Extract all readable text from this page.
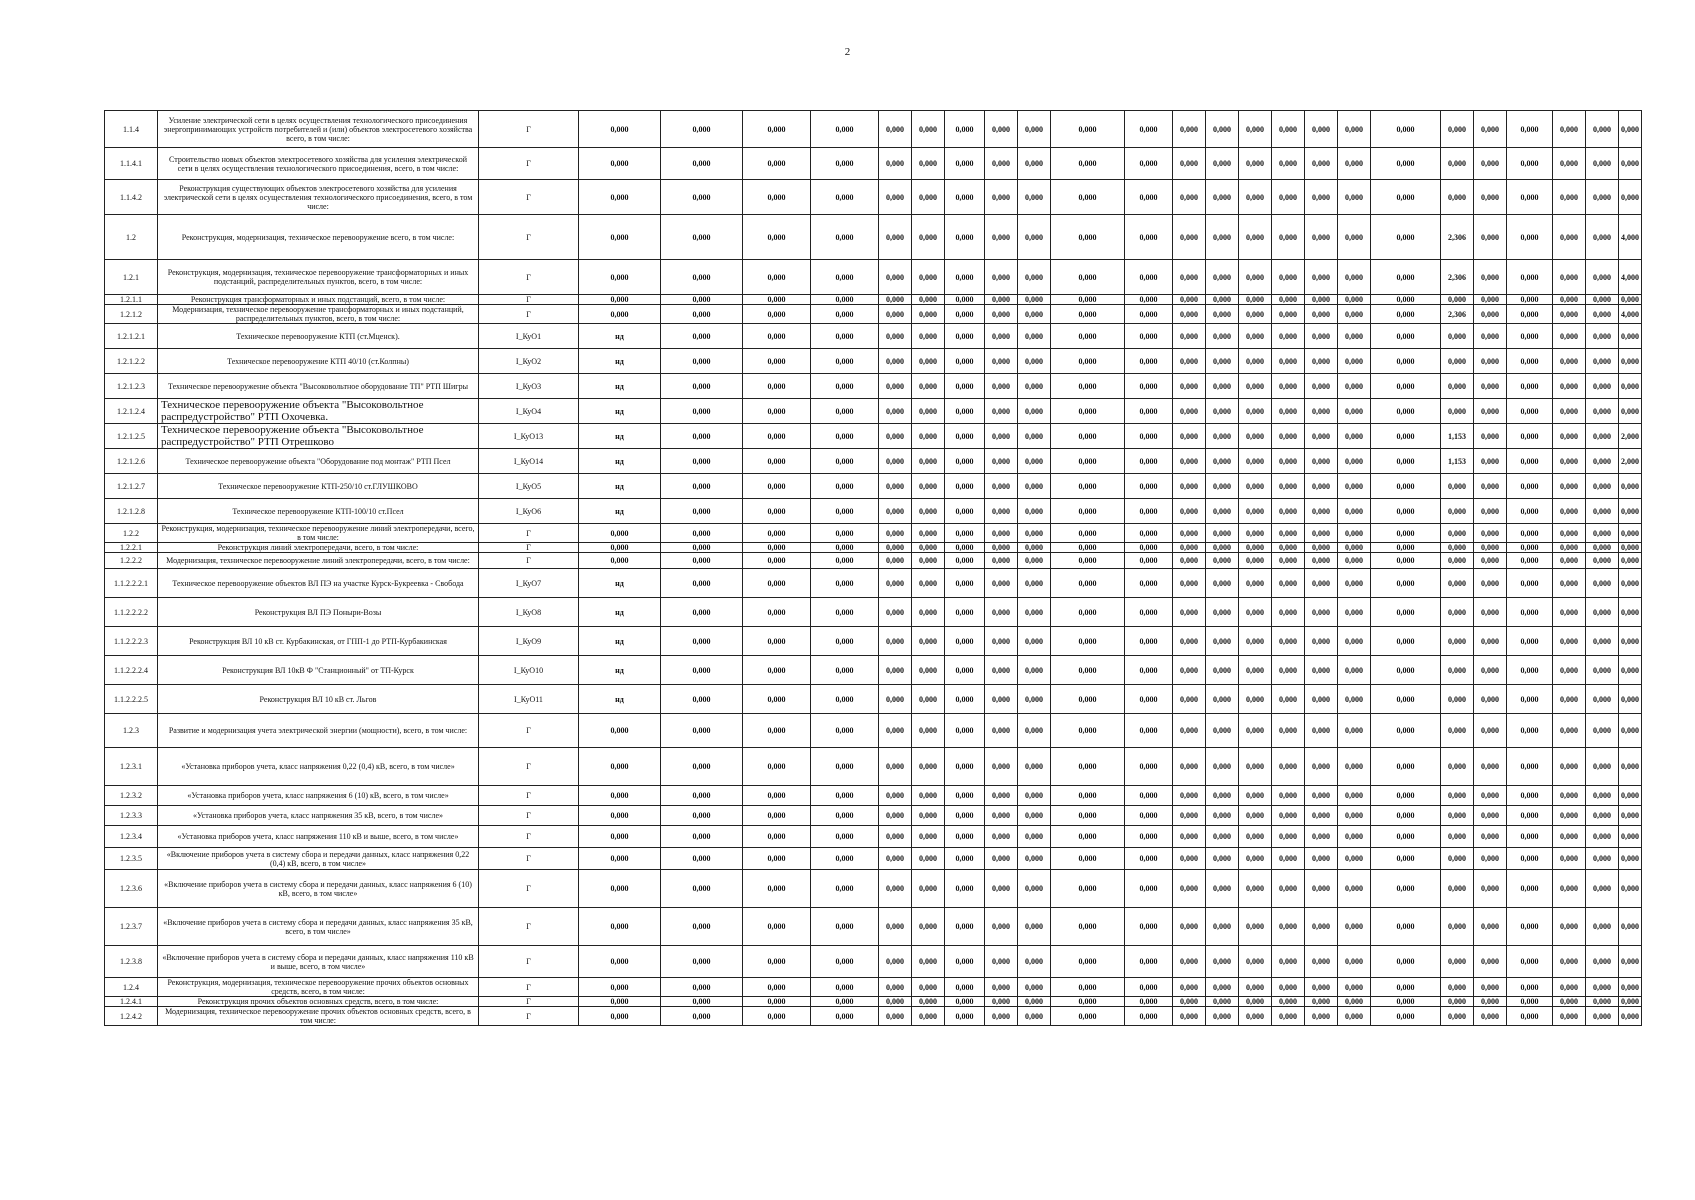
2
1.1.4	Усиление электрической сети в целях осуществления технологического присоединения энергопринимающих устройств потребителей и (или) объектов электросетевого хозяйства всего, в том числе:	Г	0,000	0,000	0,000	0,000	0,000	0,000	0,000	0,000	0,000	0,000	0,000	0,000	0,000	0,000	0,000	0,000	0,000	0,000	0,000	0,000	0,000	0,000	0,000	0,000
1.1.4.1	Строительство новых объектов электросетевого хозяйства для усиления электрической сети в целях осуществления технологического присоединения, всего, в том числе:	Г	0,000	0,000	0,000	0,000	0,000	0,000	0,000	0,000	0,000	0,000	0,000	0,000	0,000	0,000	0,000	0,000	0,000	0,000	0,000	0,000	0,000	0,000	0,000	0,000
1.1.4.2	Реконструкция существующих объектов электросетевого хозяйства для усиления электрической сети в целях осуществления технологического присоединения, всего, в том числе:	Г	0,000	0,000	0,000	0,000	0,000	0,000	0,000	0,000	0,000	0,000	0,000	0,000	0,000	0,000	0,000	0,000	0,000	0,000	0,000	0,000	0,000	0,000	0,000	0,000
1.2	Реконструкция, модернизация, техническое перевооружение всего, в том числе:	Г	0,000	0,000	0,000	0,000	0,000	0,000	0,000	0,000	0,000	0,000	0,000	0,000	0,000	0,000	0,000	0,000	0,000	0,000	2,306	0,000	0,000	0,000	0,000	4,000
1.2.1	Реконструкция, модернизация, техническое перевооружение трансформаторных и иных подстанций, распределительных пунктов, всего, в том числе:	Г	0,000	0,000	0,000	0,000	0,000	0,000	0,000	0,000	0,000	0,000	0,000	0,000	0,000	0,000	0,000	0,000	0,000	0,000	2,306	0,000	0,000	0,000	0,000	4,000
1.2.1.1	Реконструкция трансформаторных и иных подстанций, всего, в том числе:	Г	0,000	0,000	0,000	0,000	0,000	0,000	0,000	0,000	0,000	0,000	0,000	0,000	0,000	0,000	0,000	0,000	0,000	0,000	0,000	0,000	0,000	0,000	0,000	0,000
1.2.1.2	Модернизация, техническое перевооружение трансформаторных и иных подстанций, распределительных пунктов, всего, в том числе:	Г	0,000	0,000	0,000	0,000	0,000	0,000	0,000	0,000	0,000	0,000	0,000	0,000	0,000	0,000	0,000	0,000	0,000	0,000	2,306	0,000	0,000	0,000	0,000	4,000
1.2.1.2.1	Техническое перевооружение КТП (ст.Мценск).	I_КуО1	нд	0,000	0,000	0,000	0,000	0,000	0,000	0,000	0,000	0,000	0,000	0,000	0,000	0,000	0,000	0,000	0,000	0,000	0,000	0,000	0,000	0,000	0,000	0,000
1.2.1.2.2	Техническое перевооружение КТП 40/10 (ст.Колпны)	I_КуО2	нд	0,000	0,000	0,000	0,000	0,000	0,000	0,000	0,000	0,000	0,000	0,000	0,000	0,000	0,000	0,000	0,000	0,000	0,000	0,000	0,000	0,000	0,000	0,000
1.2.1.2.3	Техническое перевооружение объекта "Высоковольтное оборудование ТП" РТП Шигры	I_КуО3	нд	0,000	0,000	0,000	0,000	0,000	0,000	0,000	0,000	0,000	0,000	0,000	0,000	0,000	0,000	0,000	0,000	0,000	0,000	0,000	0,000	0,000	0,000	0,000
1.2.1.2.4	Техническое перевооружение объекта "Высоковольтное распредустройство" РТП Охочевка.	I_КуО4	нд	0,000	0,000	0,000	0,000	0,000	0,000	0,000	0,000	0,000	0,000	0,000	0,000	0,000	0,000	0,000	0,000	0,000	0,000	0,000	0,000	0,000	0,000	0,000
1.2.1.2.5	Техническое перевооружение объекта "Высоковольтное распредустройство" РТП Отрешково	I_КуО13	нд	0,000	0,000	0,000	0,000	0,000	0,000	0,000	0,000	0,000	0,000	0,000	0,000	0,000	0,000	0,000	0,000	0,000	1,153	0,000	0,000	0,000	0,000	2,000
1.2.1.2.6	Техническое перевооружение объекта "Оборудование под монтаж" РТП Псел	I_КуО14	нд	0,000	0,000	0,000	0,000	0,000	0,000	0,000	0,000	0,000	0,000	0,000	0,000	0,000	0,000	0,000	0,000	0,000	1,153	0,000	0,000	0,000	0,000	2,000
1.2.1.2.7	Техническое перевооружение КТП-250/10 ст.ГЛУШКОВО	I_КуО5	нд	0,000	0,000	0,000	0,000	0,000	0,000	0,000	0,000	0,000	0,000	0,000	0,000	0,000	0,000	0,000	0,000	0,000	0,000	0,000	0,000	0,000	0,000	0,000
1.2.1.2.8	Техническое перевооружение КТП-100/10 ст.Псел	I_КуО6	нд	0,000	0,000	0,000	0,000	0,000	0,000	0,000	0,000	0,000	0,000	0,000	0,000	0,000	0,000	0,000	0,000	0,000	0,000	0,000	0,000	0,000	0,000	0,000
1.2.2	Реконструкция, модернизация, техническое перевооружение линий электропередачи, всего, в том числе:	Г	0,000	0,000	0,000	0,000	0,000	0,000	0,000	0,000	0,000	0,000	0,000	0,000	0,000	0,000	0,000	0,000	0,000	0,000	0,000	0,000	0,000	0,000	0,000	0,000
1.2.2.1	Реконструкция линий электропередачи, всего, в том числе:	Г	0,000	0,000	0,000	0,000	0,000	0,000	0,000	0,000	0,000	0,000	0,000	0,000	0,000	0,000	0,000	0,000	0,000	0,000	0,000	0,000	0,000	0,000	0,000	0,000
1.2.2.2	Модернизация, техническое перевооружение линий электропередачи, всего, в том числе:	Г	0,000	0,000	0,000	0,000	0,000	0,000	0,000	0,000	0,000	0,000	0,000	0,000	0,000	0,000	0,000	0,000	0,000	0,000	0,000	0,000	0,000	0,000	0,000	0,000
1.1.2.2.2.1	Техническое перевооружение объектов ВЛ ПЭ на участке Курск-Букреевка - Свобода	I_КуО7	нд	0,000	0,000	0,000	0,000	0,000	0,000	0,000	0,000	0,000	0,000	0,000	0,000	0,000	0,000	0,000	0,000	0,000	0,000	0,000	0,000	0,000	0,000	0,000
1.1.2.2.2.2	Реконструкция ВЛ ПЭ Поныри-Возы	I_КуО8	нд	0,000	0,000	0,000	0,000	0,000	0,000	0,000	0,000	0,000	0,000	0,000	0,000	0,000	0,000	0,000	0,000	0,000	0,000	0,000	0,000	0,000	0,000	0,000
1.1.2.2.2.3	Реконструкция ВЛ 10 кВ ст. Курбакинская, от ГПП-1 до РТП-Курбакинская	I_КуО9	нд	0,000	0,000	0,000	0,000	0,000	0,000	0,000	0,000	0,000	0,000	0,000	0,000	0,000	0,000	0,000	0,000	0,000	0,000	0,000	0,000	0,000	0,000	0,000
1.1.2.2.2.4	Реконструкция ВЛ 10кВ Ф "Станционный" от ТП-Курск	I_КуО10	нд	0,000	0,000	0,000	0,000	0,000	0,000	0,000	0,000	0,000	0,000	0,000	0,000	0,000	0,000	0,000	0,000	0,000	0,000	0,000	0,000	0,000	0,000	0,000
1.1.2.2.2.5	Реконструкция ВЛ 10 кВ ст. Льгов	I_КуО11	нд	0,000	0,000	0,000	0,000	0,000	0,000	0,000	0,000	0,000	0,000	0,000	0,000	0,000	0,000	0,000	0,000	0,000	0,000	0,000	0,000	0,000	0,000	0,000
1.2.3	Развитие и модернизация учета электрической энергии (мощности), всего, в том числе:	Г	0,000	0,000	0,000	0,000	0,000	0,000	0,000	0,000	0,000	0,000	0,000	0,000	0,000	0,000	0,000	0,000	0,000	0,000	0,000	0,000	0,000	0,000	0,000	0,000
1.2.3.1	«Установка приборов учета, класс напряжения 0,22 (0,4) кВ, всего, в том числе»	Г	0,000	0,000	0,000	0,000	0,000	0,000	0,000	0,000	0,000	0,000	0,000	0,000	0,000	0,000	0,000	0,000	0,000	0,000	0,000	0,000	0,000	0,000	0,000	0,000
1.2.3.2	«Установка приборов учета, класс напряжения 6 (10) кВ, всего, в том числе»	Г	0,000	0,000	0,000	0,000	0,000	0,000	0,000	0,000	0,000	0,000	0,000	0,000	0,000	0,000	0,000	0,000	0,000	0,000	0,000	0,000	0,000	0,000	0,000	0,000
1.2.3.3	«Установка приборов учета, класс напряжения 35 кВ, всего, в том числе»	Г	0,000	0,000	0,000	0,000	0,000	0,000	0,000	0,000	0,000	0,000	0,000	0,000	0,000	0,000	0,000	0,000	0,000	0,000	0,000	0,000	0,000	0,000	0,000	0,000
1.2.3.4	«Установка приборов учета, класс напряжения 110 кВ и выше, всего, в том числе»	Г	0,000	0,000	0,000	0,000	0,000	0,000	0,000	0,000	0,000	0,000	0,000	0,000	0,000	0,000	0,000	0,000	0,000	0,000	0,000	0,000	0,000	0,000	0,000	0,000
1.2.3.5	«Включение приборов учета в систему сбора и передачи данных, класс напряжения 0,22 (0,4) кВ, всего, в том числе»	Г	0,000	0,000	0,000	0,000	0,000	0,000	0,000	0,000	0,000	0,000	0,000	0,000	0,000	0,000	0,000	0,000	0,000	0,000	0,000	0,000	0,000	0,000	0,000	0,000
1.2.3.6	«Включение приборов учета в систему сбора и передачи данных, класс напряжения 6 (10) кВ, всего, в том числе»	Г	0,000	0,000	0,000	0,000	0,000	0,000	0,000	0,000	0,000	0,000	0,000	0,000	0,000	0,000	0,000	0,000	0,000	0,000	0,000	0,000	0,000	0,000	0,000	0,000
1.2.3.7	«Включение приборов учета в систему сбора и передачи данных, класс напряжения 35 кВ, всего, в том числе»	Г	0,000	0,000	0,000	0,000	0,000	0,000	0,000	0,000	0,000	0,000	0,000	0,000	0,000	0,000	0,000	0,000	0,000	0,000	0,000	0,000	0,000	0,000	0,000	0,000
1.2.3.8	«Включение приборов учета в систему сбора и передачи данных, класс напряжения 110 кВ и выше, всего, в том числе»	Г	0,000	0,000	0,000	0,000	0,000	0,000	0,000	0,000	0,000	0,000	0,000	0,000	0,000	0,000	0,000	0,000	0,000	0,000	0,000	0,000	0,000	0,000	0,000	0,000
1.2.4	Реконструкция, модернизация, техническое перевооружение прочих объектов основных средств, всего, в том числе:	Г	0,000	0,000	0,000	0,000	0,000	0,000	0,000	0,000	0,000	0,000	0,000	0,000	0,000	0,000	0,000	0,000	0,000	0,000	0,000	0,000	0,000	0,000	0,000	0,000
1.2.4.1	Реконструкция прочих объектов основных средств, всего, в том числе:	Г	0,000	0,000	0,000	0,000	0,000	0,000	0,000	0,000	0,000	0,000	0,000	0,000	0,000	0,000	0,000	0,000	0,000	0,000	0,000	0,000	0,000	0,000	0,000	0,000
1.2.4.2	Модернизация, техническое перевооружение прочих объектов основных средств, всего, в том числе:	Г	0,000	0,000	0,000	0,000	0,000	0,000	0,000	0,000	0,000	0,000	0,000	0,000	0,000	0,000	0,000	0,000	0,000	0,000	0,000	0,000	0,000	0,000	0,000	0,000
